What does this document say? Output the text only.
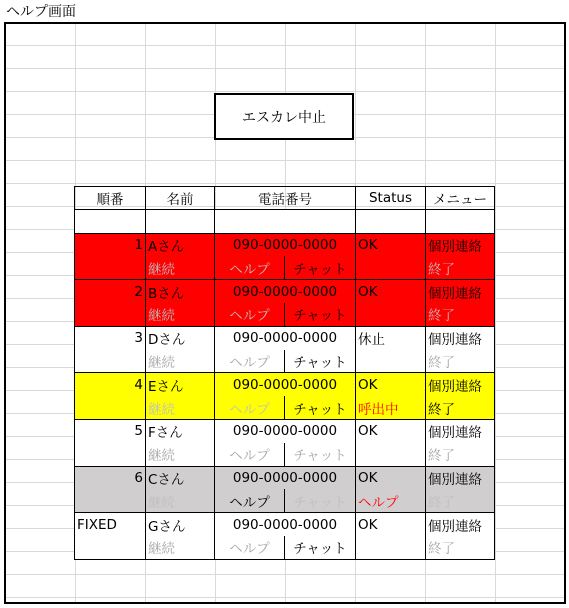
ヘルプ画面
エスカレ中止
順番	名前	電話番号		Status	メニュー

1	Aさん	090-0000-0000		OK	個別連絡
	継続	ヘルプ	チャット		終了
2	Bさん	090-0000-0000		OK	個別連絡
	継続	ヘルプ	チャット		終了
3	Dさん	090-0000-0000		休止	個別連絡
	継続	ヘルプ	チャット		終了
4	Eさん	090-0000-0000		OK	個別連絡
	継続	ヘルプ	チャット	呼出中	終了
5	Fさん	090-0000-0000		OK	個別連絡
	継続	ヘルプ	チャット		終了
6	Cさん	090-0000-0000		OK	個別連絡
	継続	ヘルプ	チャット	ヘルプ	終了
FIXED	Gさん	090-0000-0000		OK	個別連絡
	継続	ヘルプ	チャット		終了
